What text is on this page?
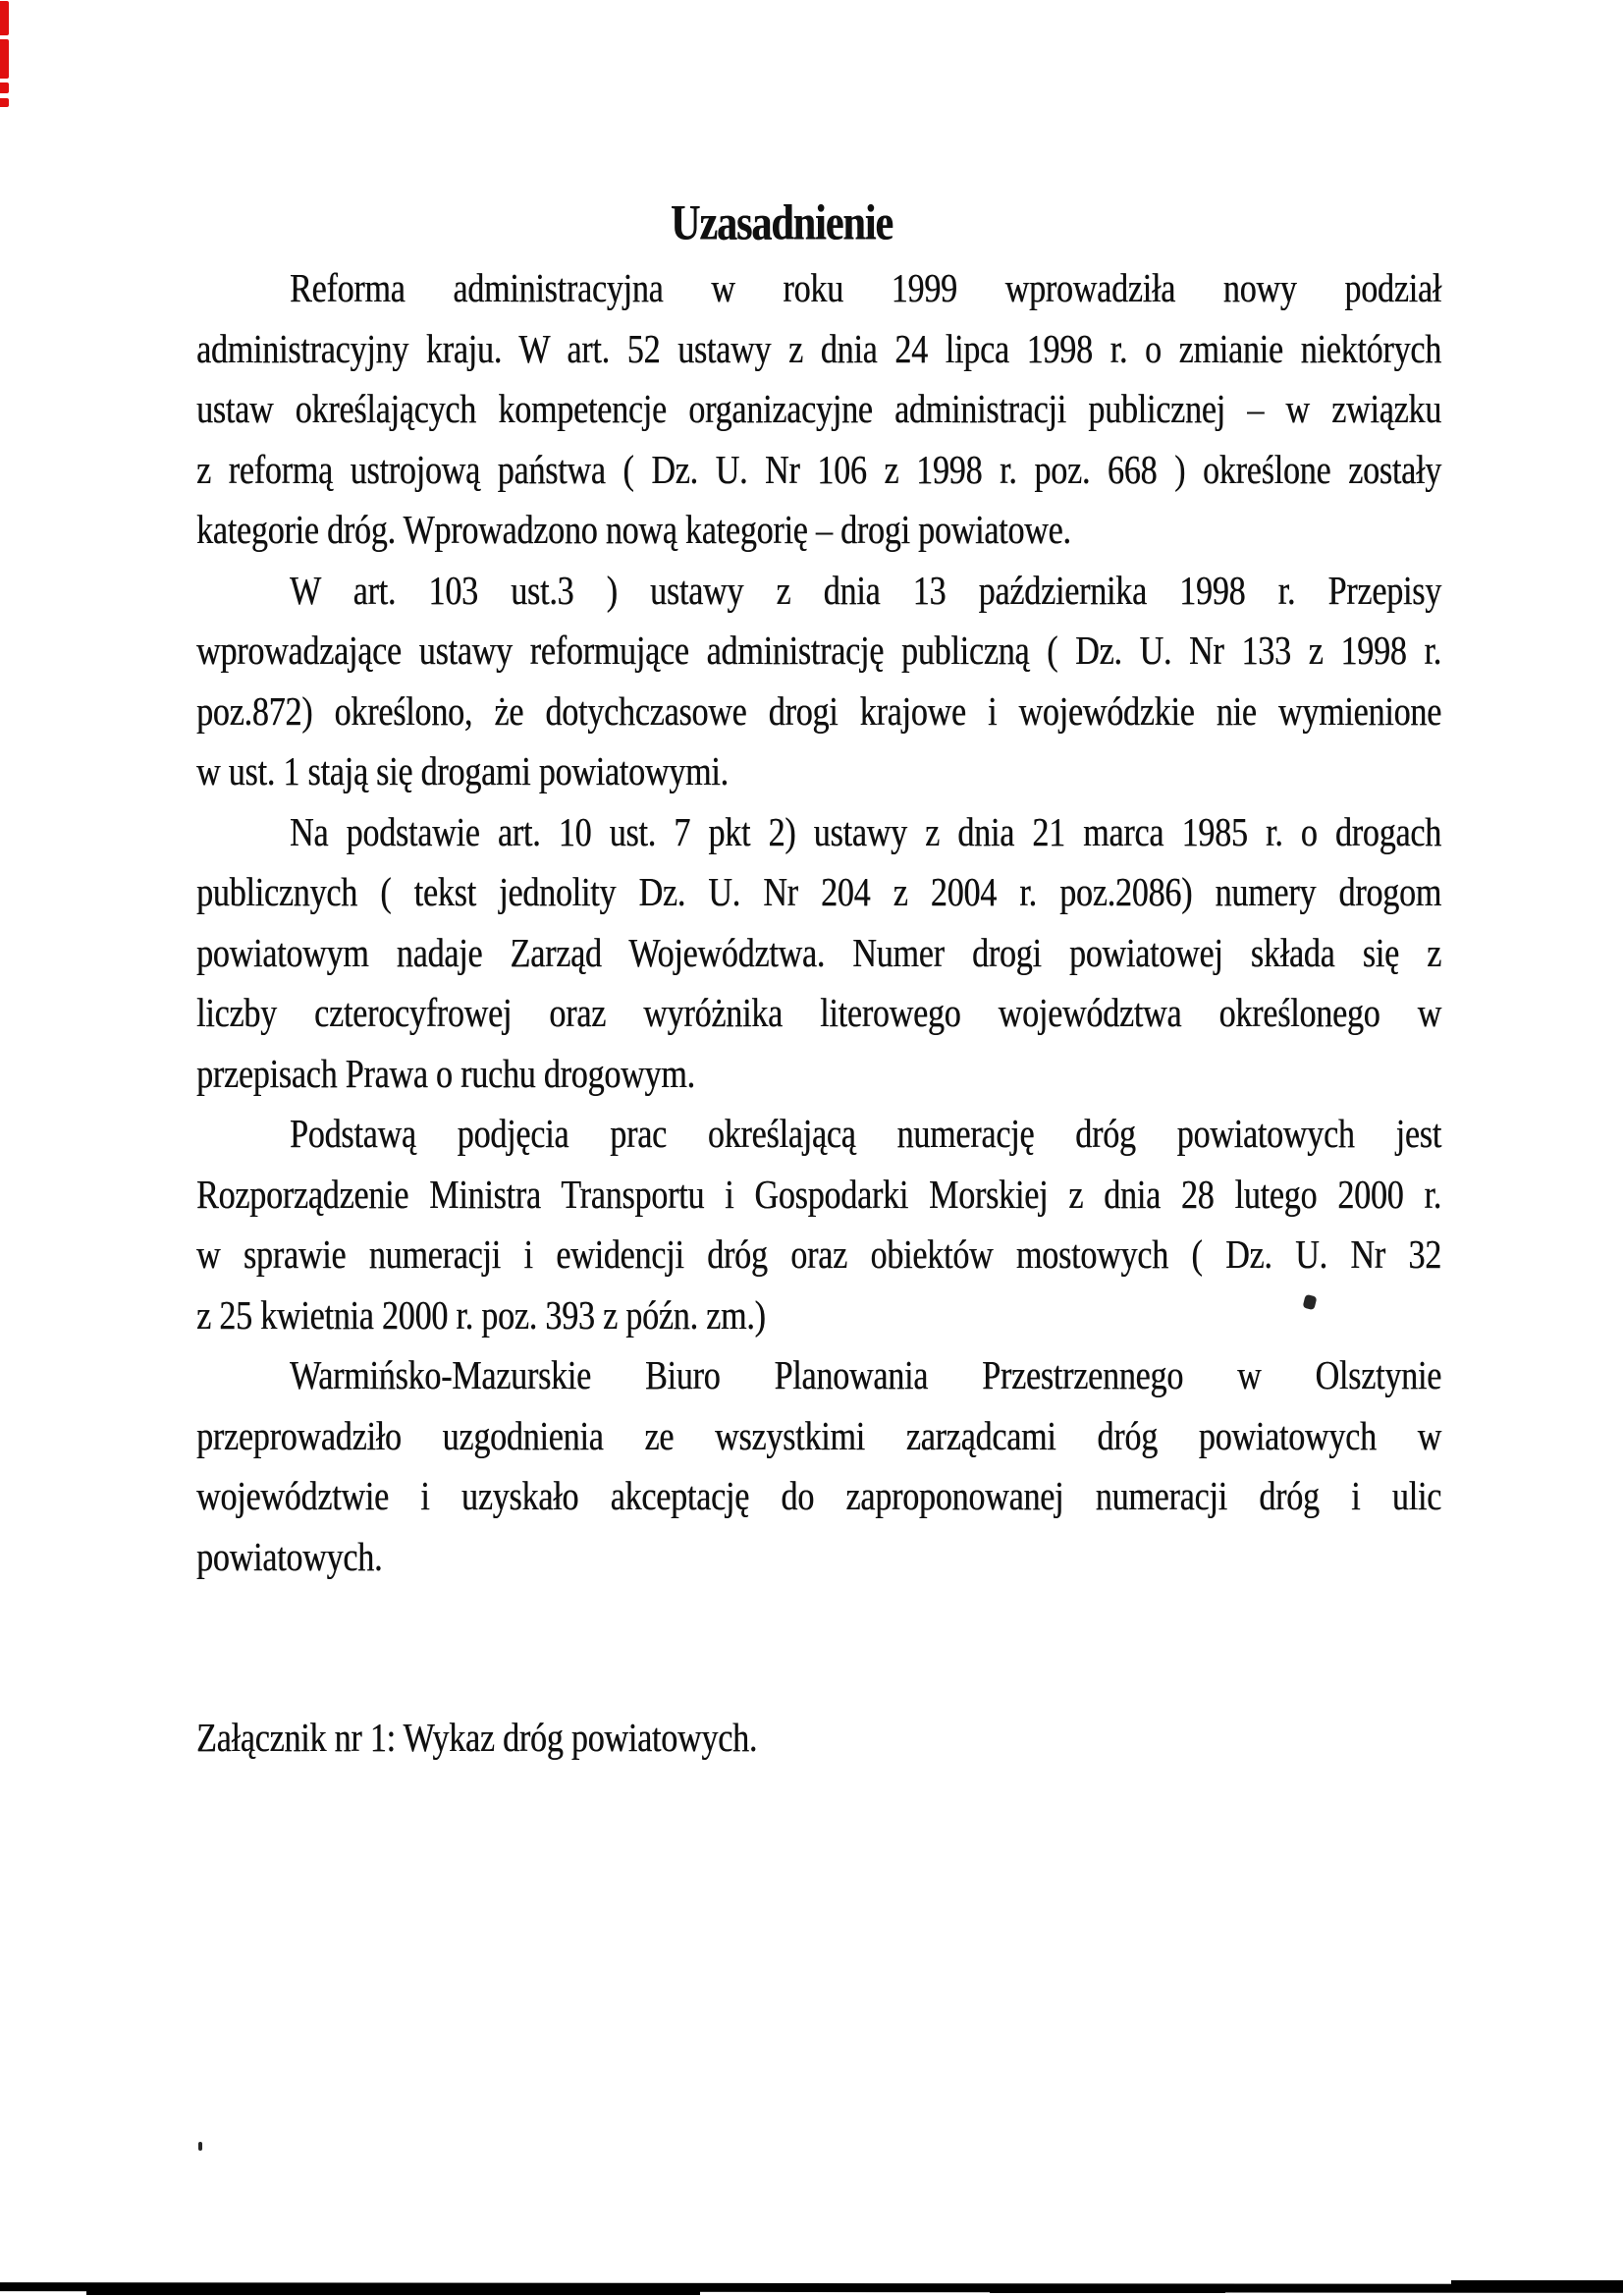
Uzasadnienie
Reforma administracyjna w roku 1999 wprowadziła nowy podział
administracyjny kraju. W art. 52 ustawy z dnia 24 lipca 1998 r. o zmianie niektórych
ustaw określających kompetencje organizacyjne administracji publicznej – w związku
z reformą ustrojową państwa ( Dz. U. Nr 106 z 1998 r. poz. 668 ) określone zostały
kategorie dróg. Wprowadzono nową kategorię – drogi powiatowe.
W art. 103 ust.3 ) ustawy z dnia 13 października 1998 r. Przepisy
wprowadzające ustawy reformujące administrację publiczną ( Dz. U. Nr 133 z 1998 r.
poz.872) określono, że dotychczasowe drogi krajowe i wojewódzkie nie wymienione
w ust. 1 stają się drogami powiatowymi.
Na podstawie art. 10 ust. 7 pkt 2) ustawy z dnia 21 marca 1985 r. o drogach
publicznych ( tekst jednolity Dz. U. Nr 204 z 2004 r. poz.2086) numery drogom
powiatowym nadaje Zarząd Województwa. Numer drogi powiatowej składa się z
liczby czterocyfrowej oraz wyróżnika literowego województwa określonego w
przepisach Prawa o ruchu drogowym.
Podstawą podjęcia prac określającą numerację dróg powiatowych jest
Rozporządzenie Ministra Transportu i Gospodarki Morskiej z dnia 28 lutego 2000 r.
w sprawie numeracji i ewidencji dróg oraz obiektów mostowych ( Dz. U. Nr 32
z 25 kwietnia 2000 r. poz. 393 z późn. zm.)
Warmińsko-Mazurskie Biuro Planowania Przestrzennego w Olsztynie
przeprowadziło uzgodnienia ze wszystkimi zarządcami dróg powiatowych w
województwie i uzyskało akceptację do zaproponowanej numeracji dróg i ulic
powiatowych.
Załącznik nr 1: Wykaz dróg powiatowych.
